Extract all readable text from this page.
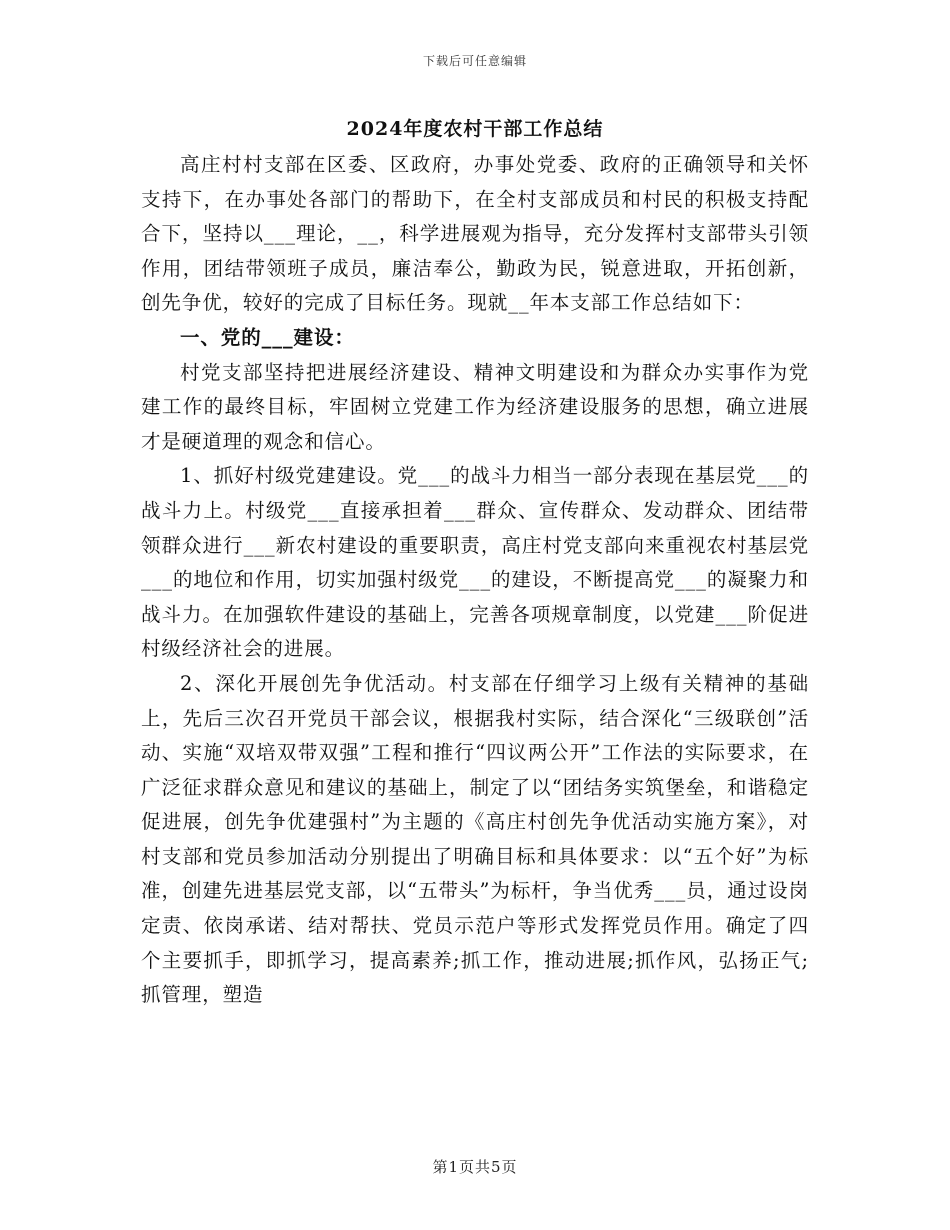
下载后可任意编辑
2024年度农村干部工作总结

高庄村村支部在区委、区政府，办事处党委、政府的正确领导和关怀支持下，在办事处各部门的帮助下，在全村支部成员和村民的积极支持配合下，坚持以___理论，__，科学进展观为指导，充分发挥村支部带头引领作用，团结带领班子成员，廉洁奉公，勤政为民，锐意进取，开拓创新，创先争优，较好的完成了目标任务。现就__年本支部工作总结如下：

一、党的___建设：

村党支部坚持把进展经济建设、精神文明建设和为群众办实事作为党建工作的最终目标，牢固树立党建工作为经济建设服务的思想，确立进展才是硬道理的观念和信心。

1、抓好村级党建建设。党___的战斗力相当一部分表现在基层党___的战斗力上。村级党___直接承担着___群众、宣传群众、发动群众、团结带领群众进行___新农村建设的重要职责，高庄村党支部向来重视农村基层党___的地位和作用，切实加强村级党___的建设，不断提高党___的凝聚力和战斗力。在加强软件建设的基础上，完善各项规章制度，以党建___阶促进村级经济社会的进展。

2、深化开展创先争优活动。村支部在仔细学习上级有关精神的基础上，先后三次召开党员干部会议，根据我村实际，结合深化“三级联创”活动、实施“双培双带双强”工程和推行“四议两公开”工作法的实际要求，在广泛征求群众意见和建议的基础上，制定了以“团结务实筑堡垒，和谐稳定促进展，创先争优建强村”为主题的《高庄村创先争优活动实施方案》，对村支部和党员参加活动分别提出了明确目标和具体要求：以“五个好”为标准，创建先进基层党支部，以“五带头”为标杆，争当优秀___员，通过设岗定责、依岗承诺、结对帮扶、党员示范户等形式发挥党员作用。确定了四个主要抓手，即抓学习，提高素养;抓工作，推动进展;抓作风，弘扬正气;抓管理，塑造

第1页共5页
